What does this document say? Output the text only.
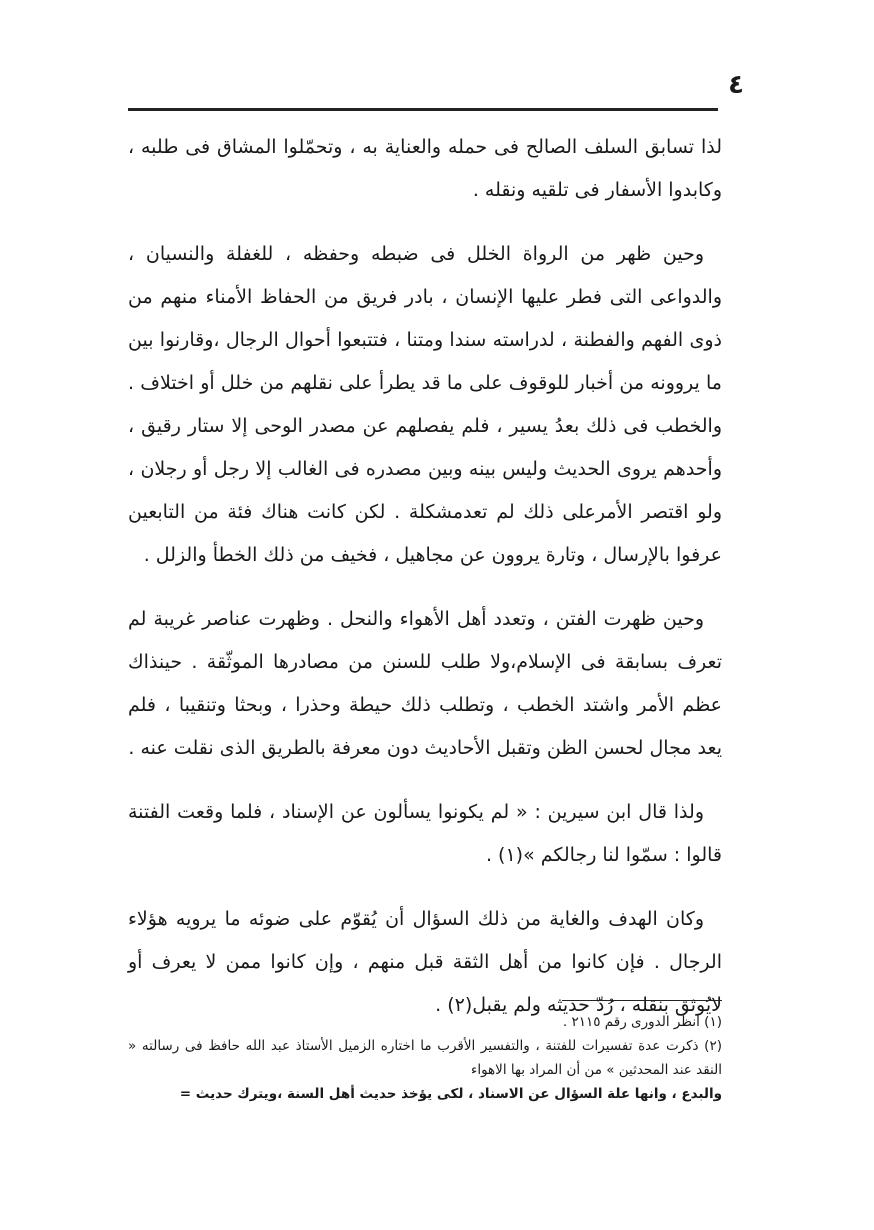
٤

لذا تسابق السلف الصالح فى حمله والعناية به ، وتحمّلوا المشاق فى طلبه ، وكابدوا الأسفار فى تلقيه ونقله .

وحين ظهر من الرواة الخلل فى ضبطه وحفظه ، للغفلة والنسيان ، والدواعى التى فطر عليها الإنسان ، بادر فريق من الحفاظ الأمناء منهم من ذوى الفهم والفطنة ، لدراسته سندا ومتنا ، فتتبعوا أحوال الرجال ،وقارنوا بين ما يروونه من أخبار للوقوف على ما قد يطرأ على نقلهم من خلل أو اختلاف . والخطب فى ذلك بعدُ يسير ، فلم يفصلهم عن مصدر الوحى إلا ستار رقيق ، وأحدهم يروى الحديث وليس بينه وبين مصدره فى الغالب إلا رجل أو رجلان ، ولو اقتصر الأمرعلى ذلك لم تعدمشكلة . لكن كانت هناك فئة من التابعين عرفوا بالإرسال ، وتارة يروون عن مجاهيل ، فخيف من ذلك الخطأ والزلل .

وحين ظهرت الفتن ، وتعدد أهل الأهواء والنحل . وظهرت عناصر غريبة لم تعرف بسابقة فى الإسلام،ولا طلب للسنن من مصادرها الموثّقة . حينذاك عظم الأمر واشتد الخطب ، وتطلب ذلك حيطة وحذرا ، وبحثا وتنقيبا ، فلم يعد مجال لحسن الظن وتقبل الأحاديث دون معرفة بالطريق الذى نقلت عنه .

ولذا قال ابن سيرين : « لم يكونوا يسألون عن الإسناد ، فلما وقعت الفتنة قالوا : سمّوا لنا رجالكم »(١) .

وكان الهدف والغاية من ذلك السؤال أن يُقوّم على ضوئه ما يرويه هؤلاء الرجال . فإن كانوا من أهل الثقة قبل منهم ، وإن كانوا ممن لا يعرف أو لايُوثق بنقله ، رُدّ حديثه ولم يقبل(٢) .

(١) انظر الدورى رقم ٢١١٥ .

(٢) ذكرت عدة تفسيرات للفتنة ، والتفسير الأقرب ما اختاره الزميل الأستاذ عبد الله حافظ فى رسالته « النقد عند المحدثين » من أن المراد بها الاهواء

والبدع ، وانها علة السؤال عن الاسناد ، لكى يؤخذ حديث أهل السنة ،ويترك حديث =
